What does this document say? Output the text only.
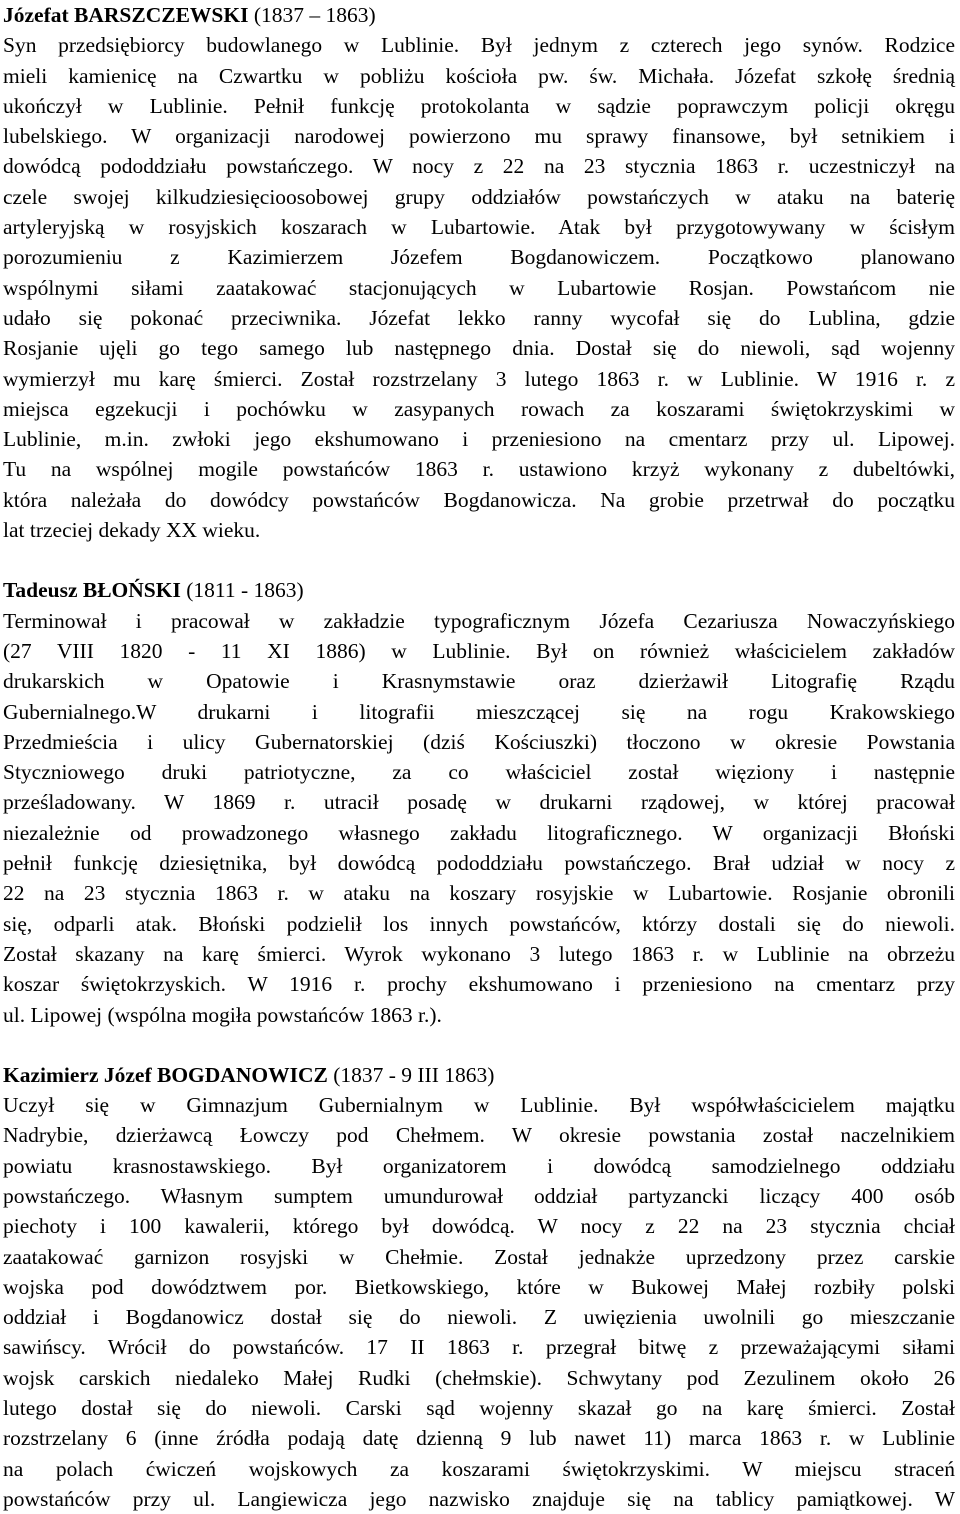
Józefat BARSZCZEWSKI (1837 – 1863)
Syn przedsiębiorcy budowlanego w Lublinie. Był jednym z czterech jego synów. Rodzice
mieli kamienicę na Czwartku w pobliżu kościoła pw. św. Michała. Józefat szkołę średnią
ukończył w Lublinie. Pełnił funkcję protokolanta w sądzie poprawczym policji okręgu
lubelskiego. W organizacji narodowej powierzono mu sprawy finansowe, był setnikiem i
dowódcą pododdziału powstańczego. W nocy z 22 na 23 stycznia 1863 r. uczestniczył na
czele swojej kilkudziesięcioosobowej grupy oddziałów powstańczych w ataku na baterię
artyleryjską w rosyjskich koszarach w Lubartowie. Atak był przygotowywany w ścisłym
porozumieniu z Kazimierzem Józefem Bogdanowiczem. Początkowo planowano
wspólnymi siłami zaatakować stacjonujących w Lubartowie Rosjan. Powstańcom nie
udało się pokonać przeciwnika. Józefat lekko ranny wycofał się do Lublina, gdzie
Rosjanie ujęli go tego samego lub następnego dnia. Dostał się do niewoli, sąd wojenny
wymierzył mu karę śmierci. Został rozstrzelany 3 lutego 1863 r. w Lublinie. W 1916 r. z
miejsca egzekucji i pochówku w zasypanych rowach za koszarami świętokrzyskimi w
Lublinie, m.in. zwłoki jego ekshumowano i przeniesiono na cmentarz przy ul. Lipowej.
Tu na wspólnej mogile powstańców 1863 r. ustawiono krzyż wykonany z dubeltówki,
która należała do dowódcy powstańców Bogdanowicza. Na grobie przetrwał do początku
lat trzeciej dekady XX wieku.
Tadeusz BŁOŃSKI (1811 - 1863)
Terminował i pracował w zakładzie typograficznym Józefa Cezariusza Nowaczyńskiego
(27 VIII 1820 - 11 XI 1886) w Lublinie. Był on również właścicielem zakładów
drukarskich w Opatowie i Krasnymstawie oraz dzierżawił Litografię Rządu
Gubernialnego.W drukarni i litografii mieszczącej się na rogu Krakowskiego
Przedmieścia i ulicy Gubernatorskiej (dziś Kościuszki) tłoczono w okresie Powstania
Styczniowego druki patriotyczne, za co właściciel został więziony i następnie
prześladowany. W 1869 r. utracił posadę w drukarni rządowej, w której pracował
niezależnie od prowadzonego własnego zakładu litograficznego. W organizacji Błoński
pełnił funkcję dziesiętnika, był dowódcą pododdziału powstańczego. Brał udział w nocy z
22 na 23 stycznia 1863 r. w ataku na koszary rosyjskie w Lubartowie. Rosjanie obronili
się, odparli atak. Błoński podzielił los innych powstańców, którzy dostali się do niewoli.
Został skazany na karę śmierci. Wyrok wykonano 3 lutego 1863 r. w Lublinie na obrzeżu
koszar świętokrzyskich. W 1916 r. prochy ekshumowano i przeniesiono na cmentarz przy
ul. Lipowej (wspólna mogiła powstańców 1863 r.).
Kazimierz Józef BOGDANOWICZ (1837 - 9 III 1863)
Uczył się w Gimnazjum Gubernialnym w Lublinie. Był współwłaścicielem majątku
Nadrybie, dzierżawcą Łowczy pod Chełmem. W okresie powstania został naczelnikiem
powiatu krasnostawskiego. Był organizatorem i dowódcą samodzielnego oddziału
powstańczego. Własnym sumptem umundurował oddział partyzancki liczący 400 osób
piechoty i 100 kawalerii, którego był dowódcą. W nocy z 22 na 23 stycznia chciał
zaatakować garnizon rosyjski w Chełmie. Został jednakże uprzedzony przez carskie
wojska pod dowództwem por. Bietkowskiego, które w Bukowej Małej rozbiły polski
oddział i Bogdanowicz dostał się do niewoli. Z uwięzienia uwolnili go mieszczanie
sawińscy. Wrócił do powstańców. 17 II 1863 r. przegrał bitwę z przeważającymi siłami
wojsk carskich niedaleko Małej Rudki (chełmskie). Schwytany pod Zezulinem około 26
lutego dostał się do niewoli. Carski sąd wojenny skazał go na karę śmierci. Został
rozstrzelany 6 (inne źródła podają datę dzienną 9 lub nawet 11) marca 1863 r. w Lublinie
na polach ćwiczeń wojskowych za koszarami świętokrzyskimi. W miejscu straceń
powstańców przy ul. Langiewicza jego nazwisko znajduje się na tablicy pamiątkowej. W
